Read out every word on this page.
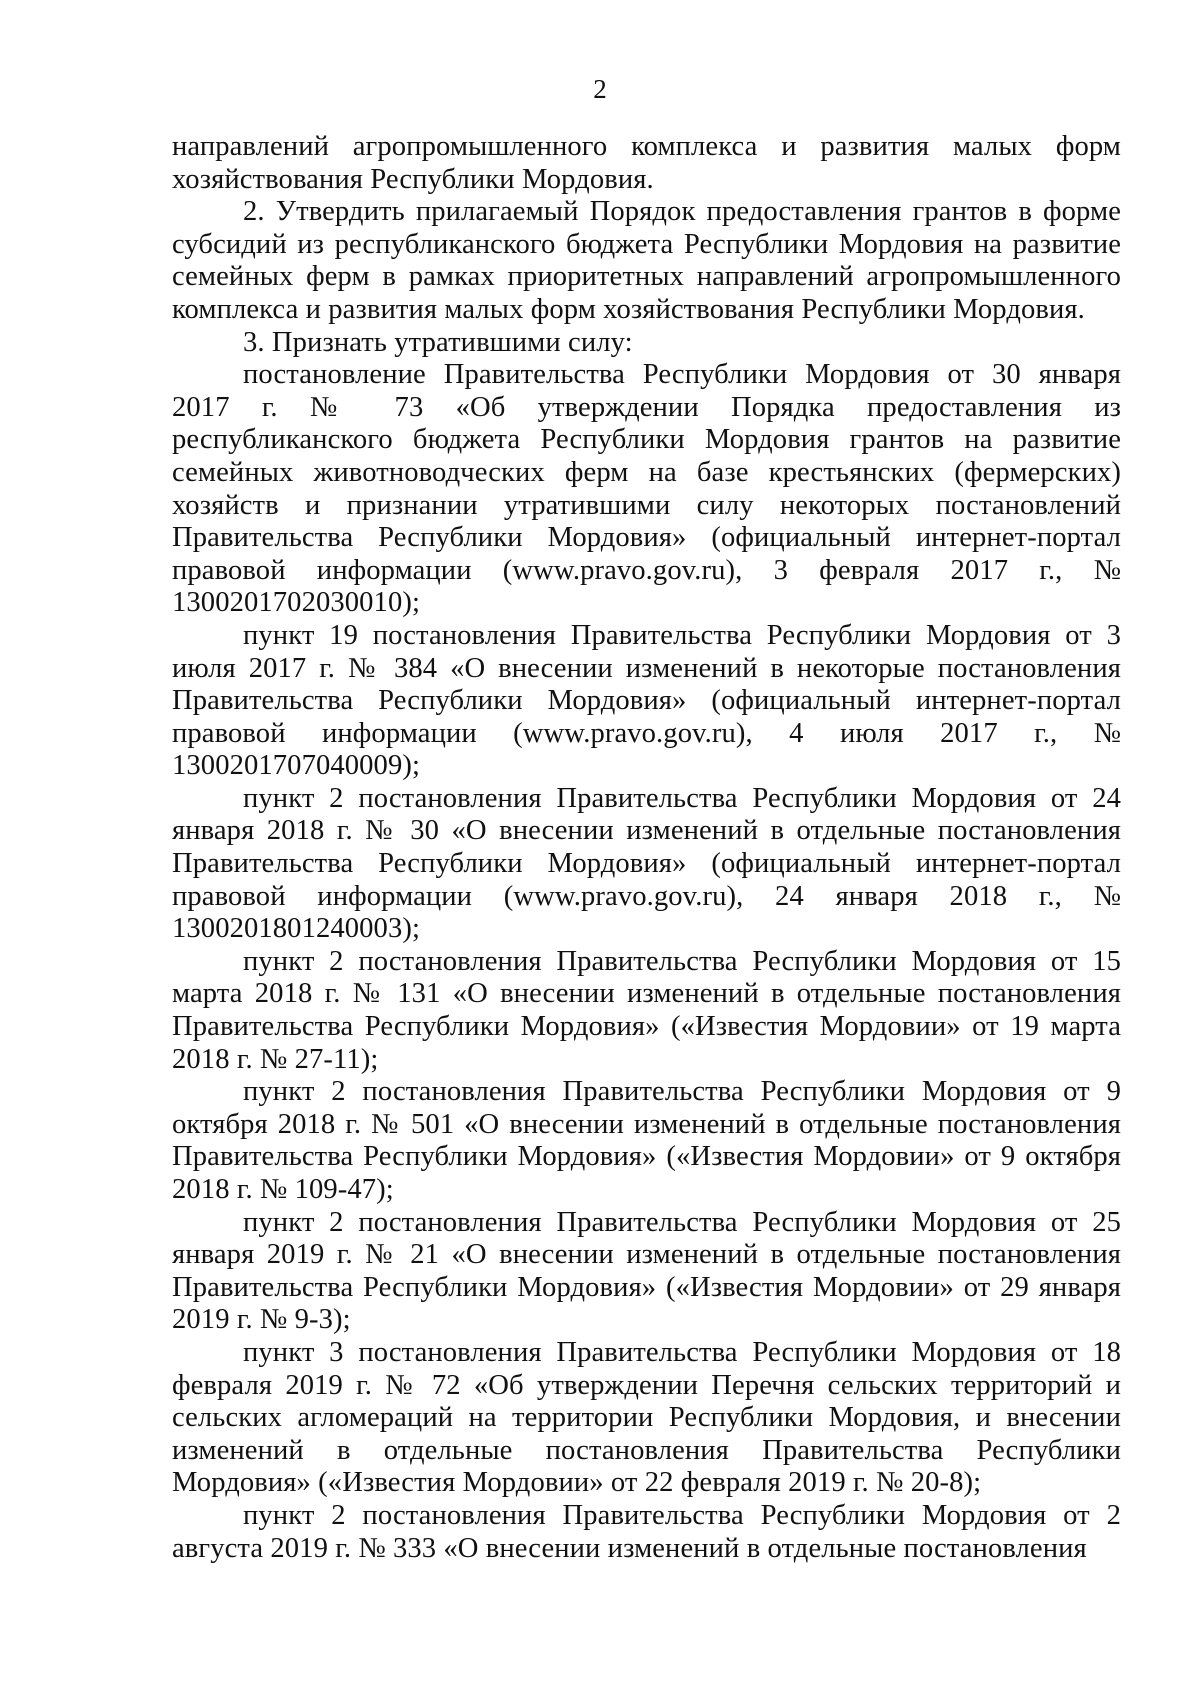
2

направлений агропромышленного комплекса и развития малых форм хозяйствования Республики Мордовия.

2. Утвердить прилагаемый Порядок предоставления грантов в форме субсидий из республиканского бюджета Республики Мордовия на развитие семейных ферм в рамках приоритетных направлений агропромышленного комплекса и развития малых форм хозяйствования Республики Мордовия.

3. Признать утратившими силу:

постановление Правительства Республики Мордовия от 30 января 2017 г. № 73 «Об утверждении Порядка предоставления из республиканского бюджета Республики Мордовия грантов на развитие семейных животноводческих ферм на базе крестьянских (фермерских) хозяйств и признании утратившими силу некоторых постановлений Правительства Республики Мордовия» (официальный интернет-портал правовой информации (www.pravo.gov.ru), 3 февраля 2017 г., № 1300201702030010);

пункт 19 постановления Правительства Республики Мордовия от 3 июля 2017 г. № 384 «О внесении изменений в некоторые постановления Правительства Республики Мордовия» (официальный интернет-портал правовой информации (www.pravo.gov.ru), 4 июля 2017 г., № 1300201707040009);

пункт 2 постановления Правительства Республики Мордовия от 24 января 2018 г. № 30 «О внесении изменений в отдельные постановления Правительства Республики Мордовия» (официальный интернет-портал правовой информации (www.pravo.gov.ru), 24 января 2018 г., № 1300201801240003);

пункт 2 постановления Правительства Республики Мордовия от 15 марта 2018 г. № 131 «О внесении изменений в отдельные постановления Правительства Республики Мордовия» («Известия Мордовии» от 19 марта 2018 г. № 27-11);

пункт 2 постановления Правительства Республики Мордовия от 9 октября 2018 г. № 501 «О внесении изменений в отдельные постановления Правительства Республики Мордовия» («Известия Мордовии» от 9 октября 2018 г. № 109-47);

пункт 2 постановления Правительства Республики Мордовия от 25 января 2019 г. № 21 «О внесении изменений в отдельные постановления Правительства Республики Мордовия» («Известия Мордовии» от 29 января 2019 г. № 9-3);

пункт 3 постановления Правительства Республики Мордовия от 18 февраля 2019 г. № 72 «Об утверждении Перечня сельских территорий и сельских агломераций на территории Республики Мордовия, и внесении изменений в отдельные постановления Правительства Республики Мордовия» («Известия Мордовии» от 22 февраля 2019 г. № 20-8);

пункт 2 постановления Правительства Республики Мордовия от 2 августа 2019 г. № 333 «О внесении изменений в отдельные постановления
